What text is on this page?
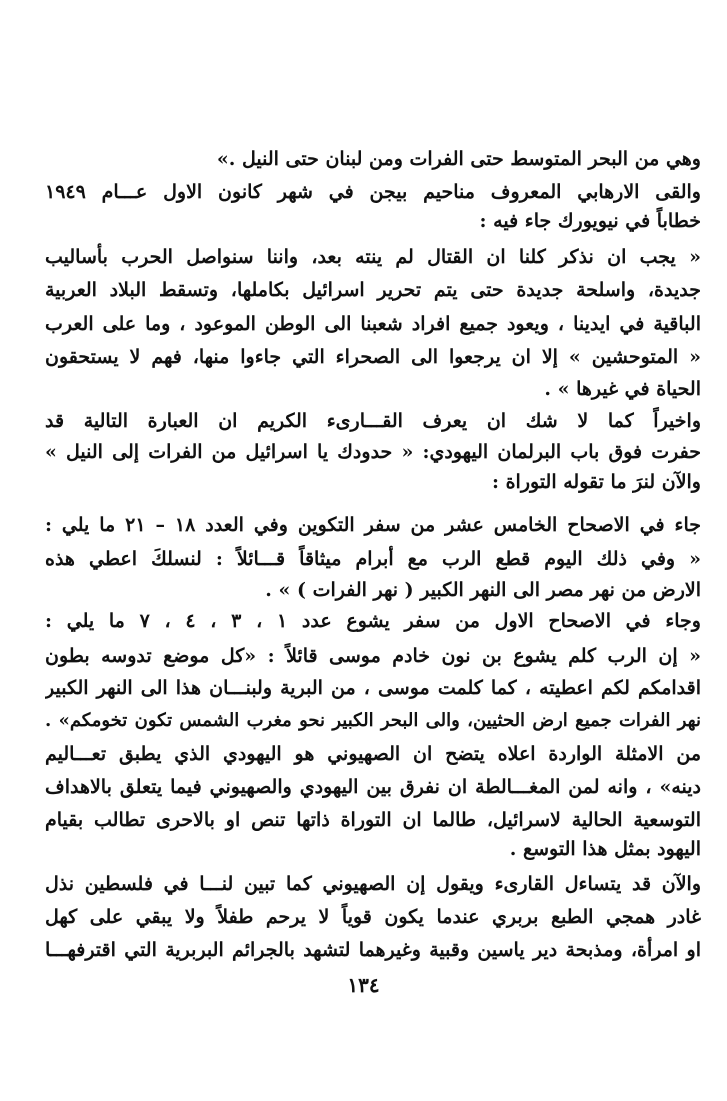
وهي من البحر المتوسط حتى الفرات ومن لبنان حتى النيل .»
والقى الارهابي المعروف مناحيم بيجن في شهر كانون الاول عـــام ١٩٤٩
خطاباً في نيويورك جاء فيه :
« يجب ان نذكر كلنا ان القتال لم ينته بعد، واننا سنواصل الحرب بأساليب
جديدة، واسلحة جديدة حتى يتم تحرير اسرائيل بكاملها، وتسقط البلاد العربية
الباقية في ايدينا ، ويعود جميع افراد شعبنا الى الوطن الموعود ، وما على العرب
« المتوحشين » إلا ان يرجعوا الى الصحراء التي جاءوا منها، فهم لا يستحقون
الحياة في غيرها » .
واخيراً كما لا شك ان يعرف القـــارىء الكريم ان العبارة التالية قد
حفرت فوق باب البرلمان اليهودي: « حدودك يا اسرائيل من الفرات إلى النيل »
والآن لنرَ ما تقوله التوراة :
جاء في الاصحاح الخامس عشر من سفر التكوين وفي العدد ١٨ – ٢١ ما يلي :
« وفي ذلك اليوم قطع الرب مع أبرام ميثاقاً قـــائلاً : لنسلكَ اعطي هذه
الارض من نهر مصر الى النهر الكبير ( نهر الفرات ) » .
وجاء في الاصحاح الاول من سفر يشوع عدد ١ ، ٣ ، ٤ ، ٧ ما يلي :
« إن الرب كلم يشوع بن نون خادم موسى قائلاً : «كل موضع تدوسه بطون
اقدامكم لكم اعطيته ، كما كلمت موسى ، من البرية ولبنـــان هذا الى النهر الكبير
نهر الفرات جميع ارض الحثيين، والى البحر الكبير نحو مغرب الشمس تكون تخومكم» .
من الامثلة الواردة اعلاه يتضح ان الصهيوني هو اليهودي الذي يطبق تعـــاليم
دينه» ، وانه لمن المغـــالطة ان نفرق بين اليهودي والصهيوني فيما يتعلق بالاهداف
التوسعية الحالية لاسرائيل، طالما ان التوراة ذاتها تنص او بالاحرى تطالب بقيام
اليهود بمثل هذا التوسع .
والآن قد يتساءل القارىء ويقول إن الصهيوني كما تبين لنـــا في فلسطين نذل
غادر همجي الطبع بربري عندما يكون قوياً لا يرحم طفلاً ولا يبقي على كهل
او امرأة، ومذبحة دير ياسين وقبية وغيرهما لتشهد بالجرائم البربرية التي اقترفهـــا
١٣٤
